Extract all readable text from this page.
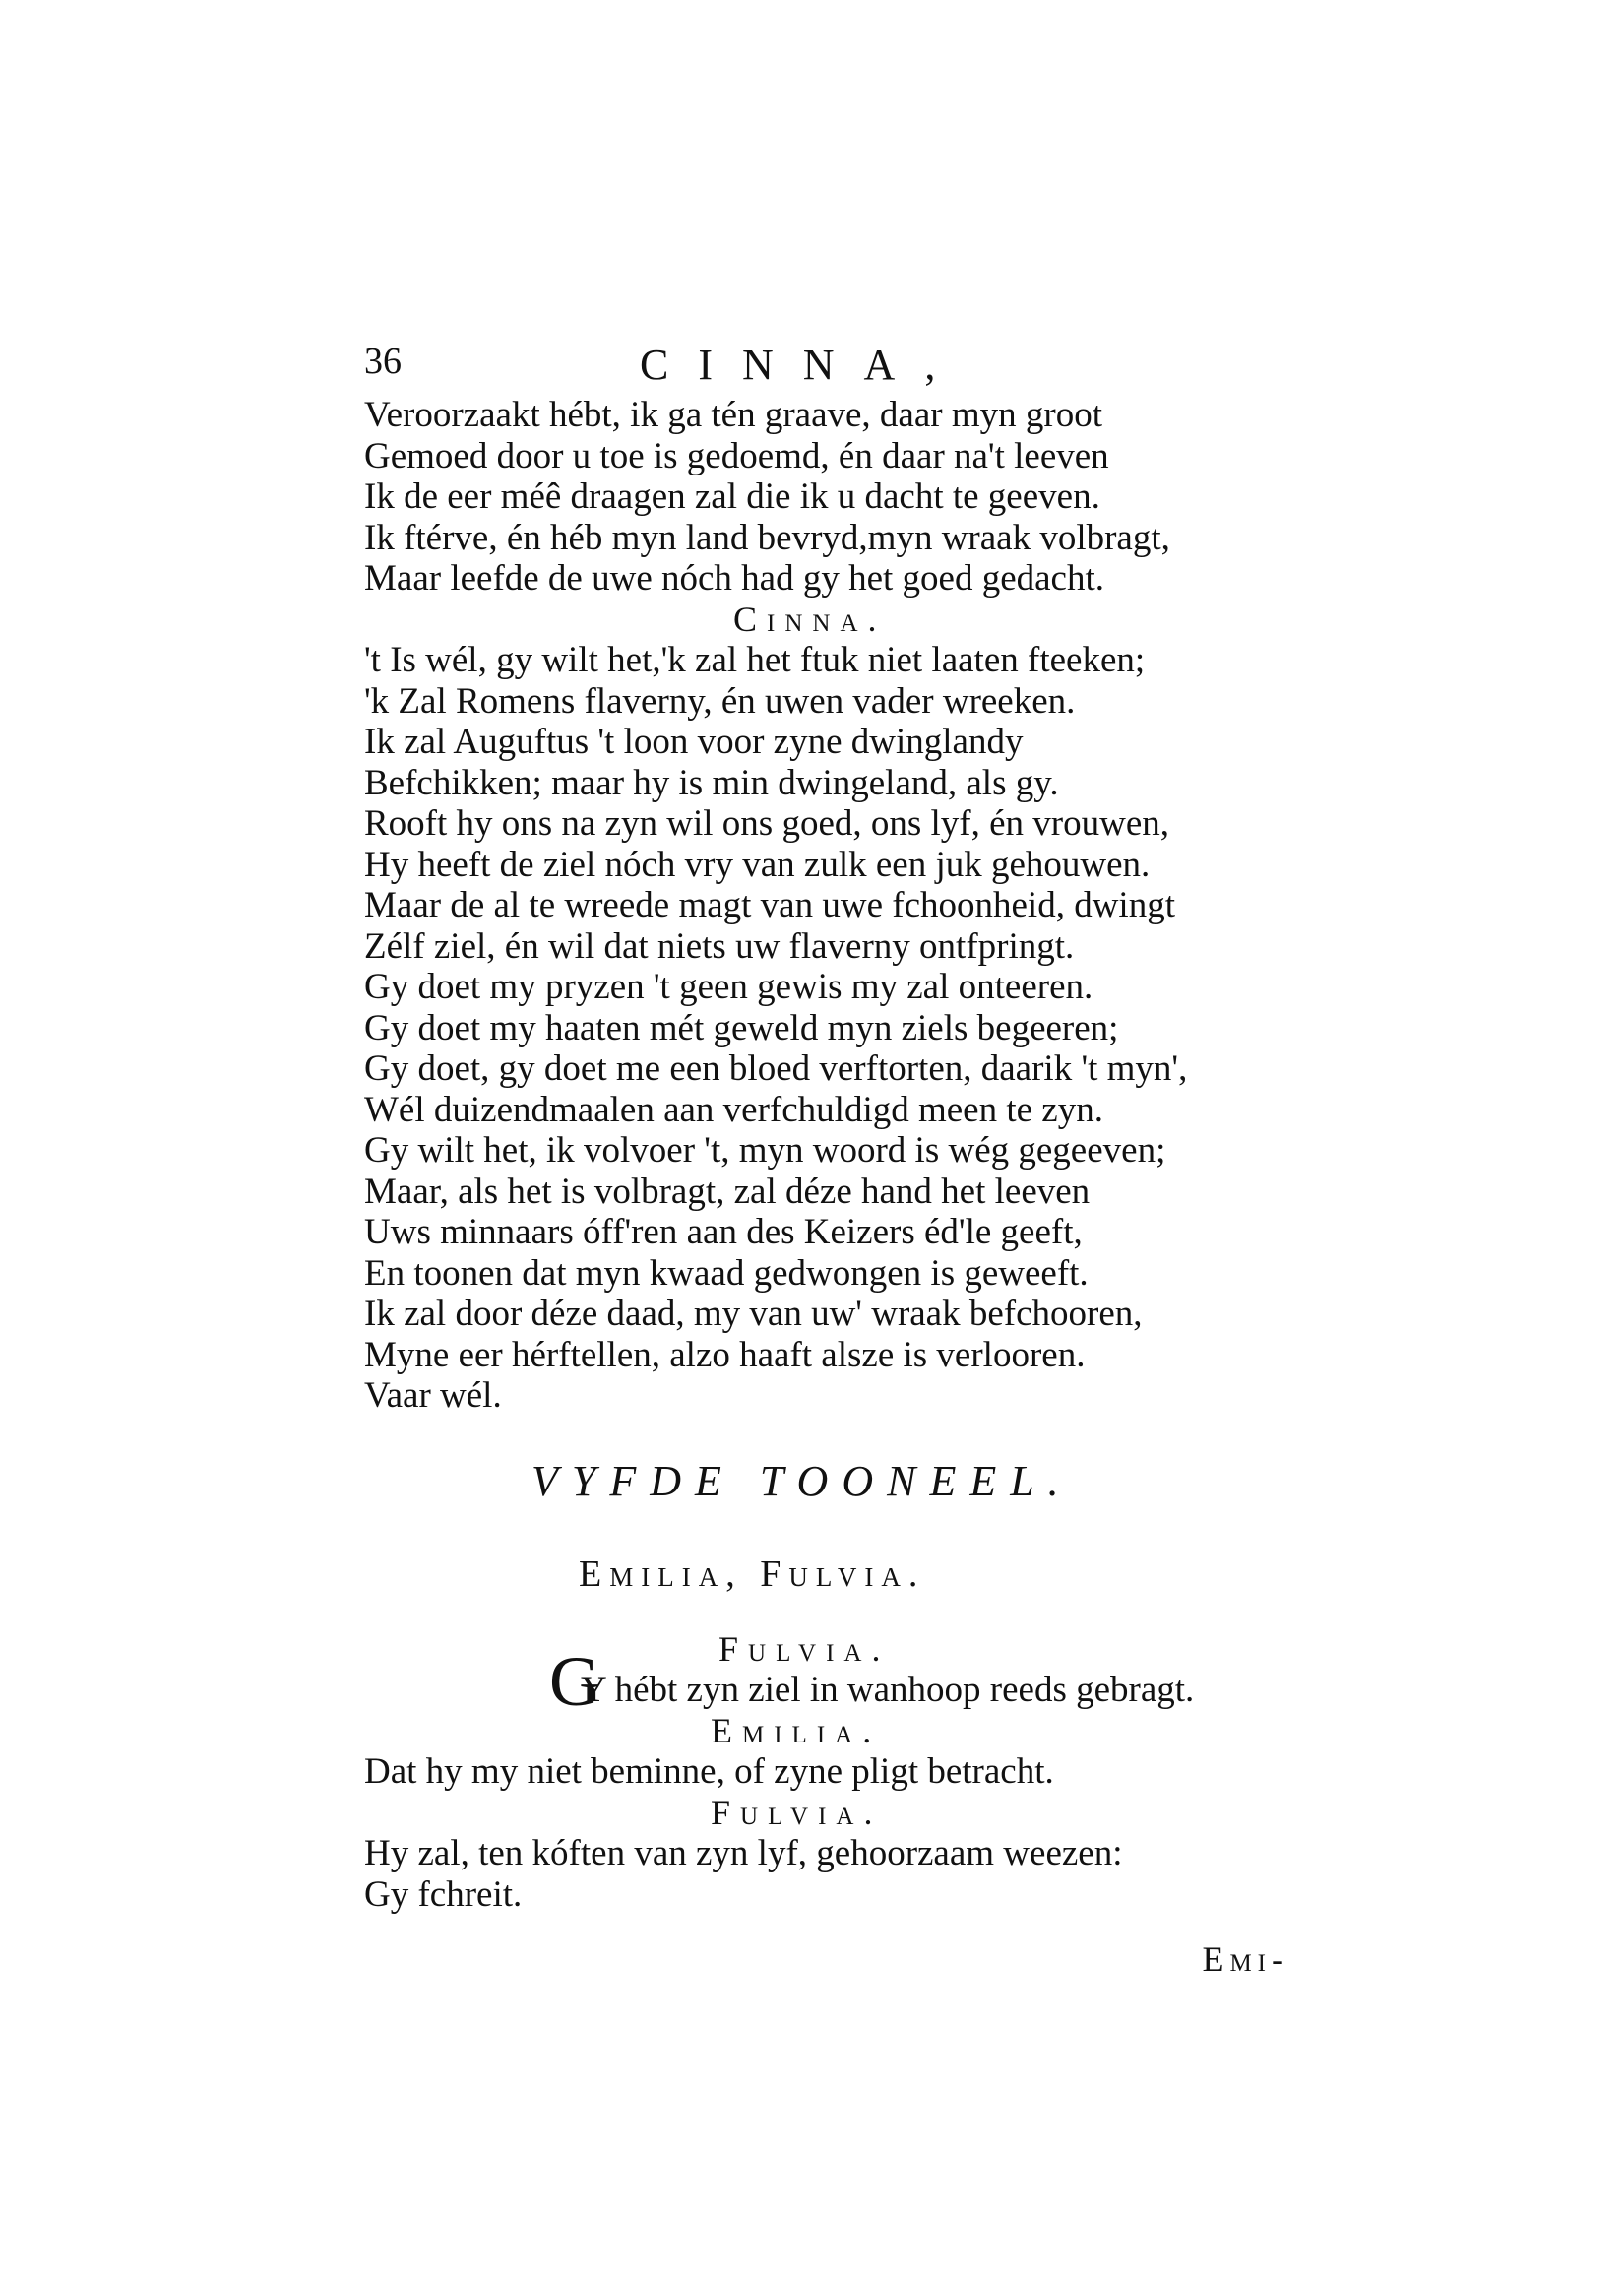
36	CINNA,
Veroorzaakt hébt, ik ga tén graave, daar myn groot
Gemoed door u toe is gedoemd, én daar na't leeven
Ik de eer méê draagen zal die ik u dacht te geeven.
Ik ftérve, én héb myn land bevryd,myn wraak volbragt,
Maar leefde de uwe nóch had gy het goed gedacht.
Cinna.
't Is wél, gy wilt het,'k zal het ftuk niet laaten fteeken;
'k Zal Romens flaverny, én uwen vader wreeken.
Ik zal Auguftus 't loon voor zyne dwinglandy
Befchikken; maar hy is min dwingeland, als gy.
Rooft hy ons na zyn wil ons goed, ons lyf, én vrouwen,
Hy heeft de ziel nóch vry van zulk een juk gehouwen.
Maar de al te wreede magt van uwe fchoonheid, dwingt
Zélf ziel, én wil dat niets uw flaverny ontfpringt.
Gy doet my pryzen 't geen gewis my zal onteeren.
Gy doet my haaten mét geweld myn ziels begeeren;
Gy doet, gy doet me een bloed verftorten, daarik 't myn',
Wél duizendmaalen aan verfchuldigd meen te zyn.
Gy wilt het, ik volvoer 't, myn woord is wég gegeeven;
Maar, als het is volbragt, zal déze hand het leeven
Uws minnaars óff'ren aan des Keizers éd'le geeft,
En toonen dat myn kwaad gedwongen is geweeft.
Ik zal door déze daad, my van uw' wraak befchooren,
Myne eer hérftellen, alzo haaft alsze is verlooren.
Vaar wél.
VYFDE TOONEEL.
Emilia, Fulvia.
Fulvia.
G
Y hébt zyn ziel in wanhoop reeds gebragt.
Emilia.
Dat hy my niet beminne, of zyne pligt betracht.
Fulvia.
Hy zal, ten kóften van zyn lyf, gehoorzaam weezen:
Gy fchreit.
Emi-
